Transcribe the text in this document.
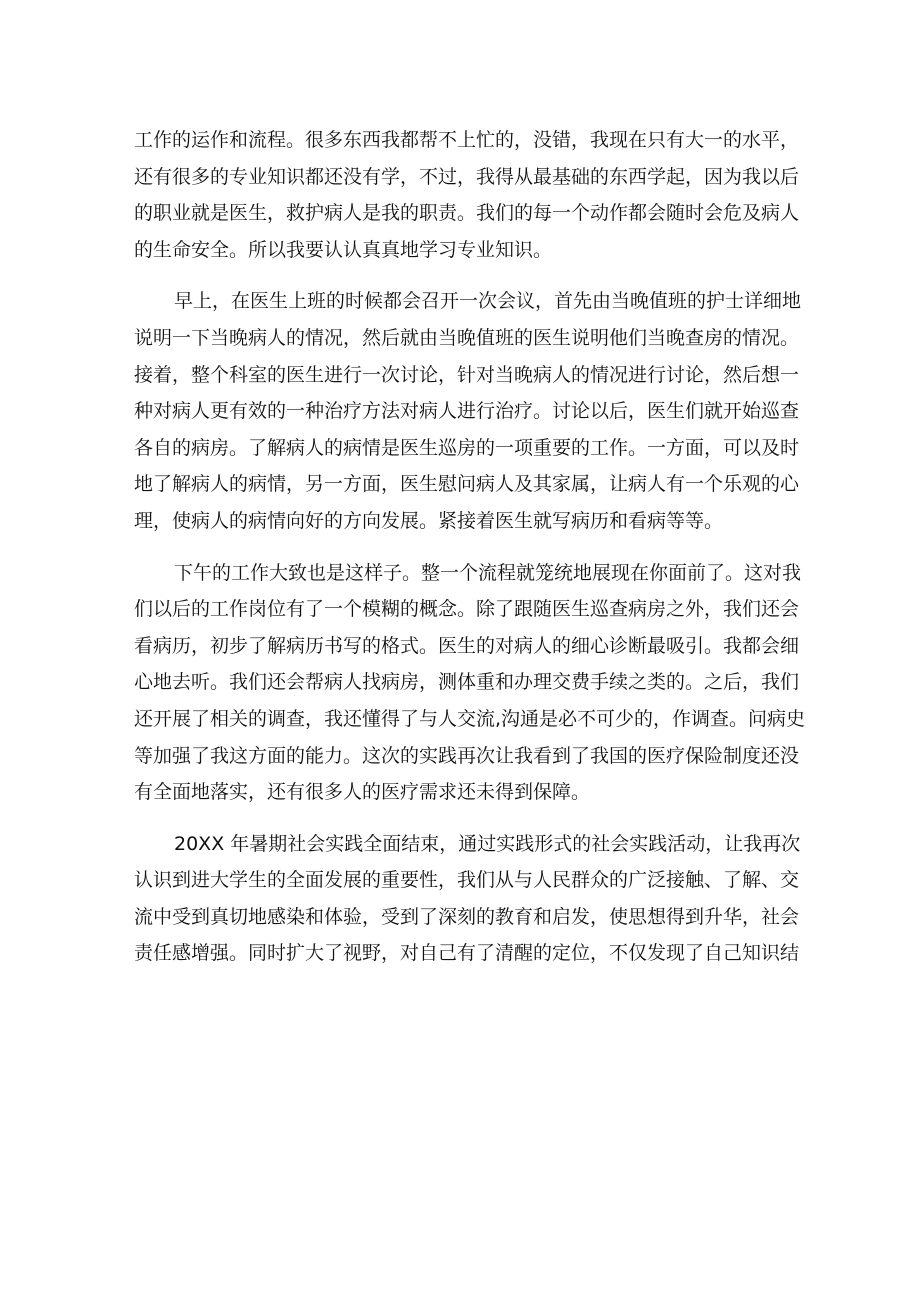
工作的运作和流程。很多东西我都帮不上忙的，没错，我现在只有大一的水平，
还有很多的专业知识都还没有学，不过，我得从最基础的东西学起，因为我以后
的职业就是医生，救护病人是我的职责。我们的每一个动作都会随时会危及病人
的生命安全。所以我要认认真真地学习专业知识。
早上，在医生上班的时候都会召开一次会议，首先由当晚值班的护士详细地
说明一下当晚病人的情况，然后就由当晚值班的医生说明他们当晚查房的情况。
接着，整个科室的医生进行一次讨论，针对当晚病人的情况进行讨论，然后想一
种对病人更有效的一种治疗方法对病人进行治疗。讨论以后，医生们就开始巡查
各自的病房。了解病人的病情是医生巡房的一项重要的工作。一方面，可以及时
地了解病人的病情，另一方面，医生慰问病人及其家属，让病人有一个乐观的心
理，使病人的病情向好的方向发展。紧接着医生就写病历和看病等等。
下午的工作大致也是这样子。整一个流程就笼统地展现在你面前了。这对我
们以后的工作岗位有了一个模糊的概念。除了跟随医生巡查病房之外，我们还会
看病历，初步了解病历书写的格式。医生的对病人的细心诊断最吸引。我都会细
心地去听。我们还会帮病人找病房，测体重和办理交费手续之类的。之后，我们
还开展了相关的调查，我还懂得了与人交流,沟通是必不可少的，作调查。问病史
等加强了我这方面的能力。这次的实践再次让我看到了我国的医疗保险制度还没
有全面地落实，还有很多人的医疗需求还未得到保障。
20XX 年暑期社会实践全面结束，通过实践形式的社会实践活动，让我再次
认识到进大学生的全面发展的重要性，我们从与人民群众的广泛接触、了解、交
流中受到真切地感染和体验，受到了深刻的教育和启发，使思想得到升华，社会
责任感增强。同时扩大了视野，对自己有了清醒的定位，不仅发现了自己知识结
